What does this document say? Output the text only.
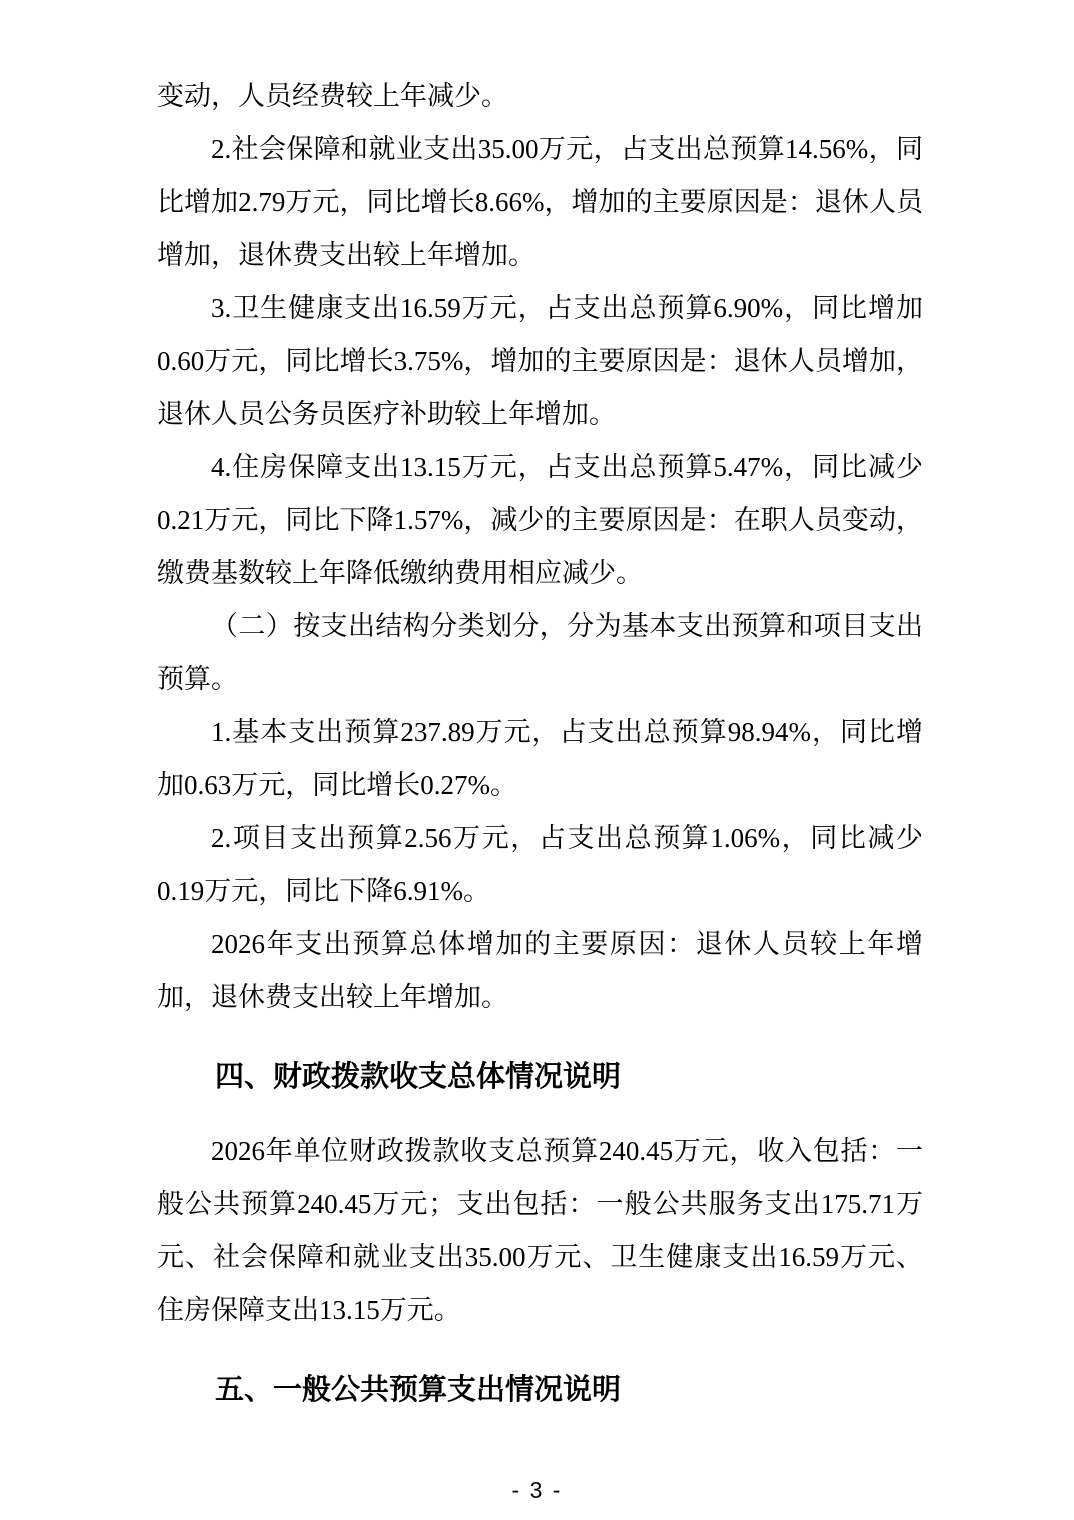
变动，人员经费较上年减少。

2.社会保障和就业支出35.00万元，占支出总预算14.56%，同比增加2.79万元，同比增长8.66%，增加的主要原因是：退休人员增加，退休费支出较上年增加。

3.卫生健康支出16.59万元，占支出总预算6.90%，同比增加0.60万元，同比增长3.75%，增加的主要原因是：退休人员增加，退休人员公务员医疗补助较上年增加。

4.住房保障支出13.15万元，占支出总预算5.47%，同比减少0.21万元，同比下降1.57%，减少的主要原因是：在职人员变动，缴费基数较上年降低缴纳费用相应减少。

（二）按支出结构分类划分，分为基本支出预算和项目支出预算。

1.基本支出预算237.89万元，占支出总预算98.94%，同比增加0.63万元，同比增长0.27%。

2.项目支出预算2.56万元，占支出总预算1.06%，同比减少0.19万元，同比下降6.91%。

2026年支出预算总体增加的主要原因：退休人员较上年增加，退休费支出较上年增加。

四、财政拨款收支总体情况说明

2026年单位财政拨款收支总预算240.45万元，收入包括：一般公共预算240.45万元；支出包括：一般公共服务支出175.71万元、社会保障和就业支出35.00万元、卫生健康支出16.59万元、住房保障支出13.15万元。

五、一般公共预算支出情况说明
- 3 -
